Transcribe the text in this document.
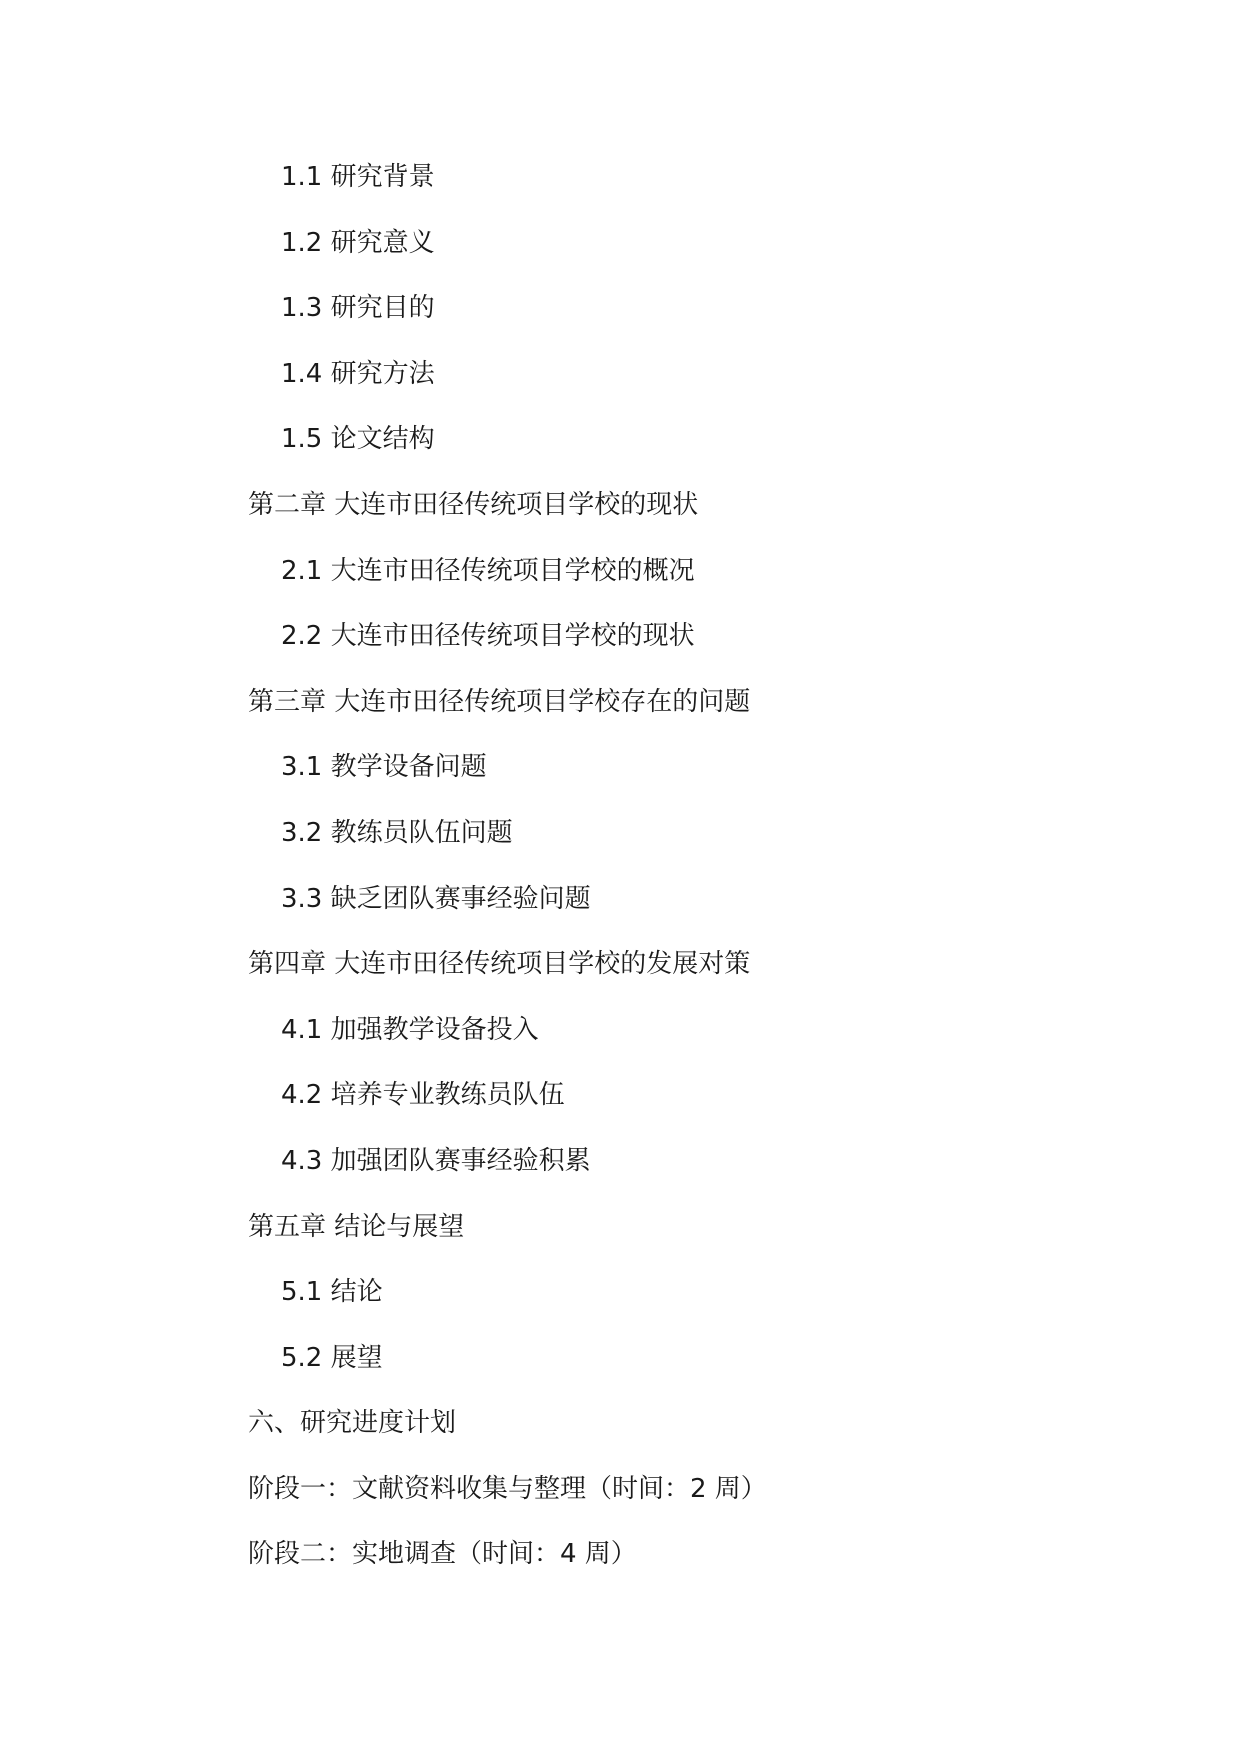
1.1 研究背景
1.2 研究意义
1.3 研究目的
1.4 研究方法
1.5 论文结构
第二章 大连市田径传统项目学校的现状
2.1 大连市田径传统项目学校的概况
2.2 大连市田径传统项目学校的现状
第三章 大连市田径传统项目学校存在的问题
3.1 教学设备问题
3.2 教练员队伍问题
3.3 缺乏团队赛事经验问题
第四章 大连市田径传统项目学校的发展对策
4.1 加强教学设备投入
4.2 培养专业教练员队伍
4.3 加强团队赛事经验积累
第五章 结论与展望
5.1 结论
5.2 展望
六、研究进度计划
阶段一：文献资料收集与整理（时间：2 周）
阶段二：实地调查（时间：4 周）
